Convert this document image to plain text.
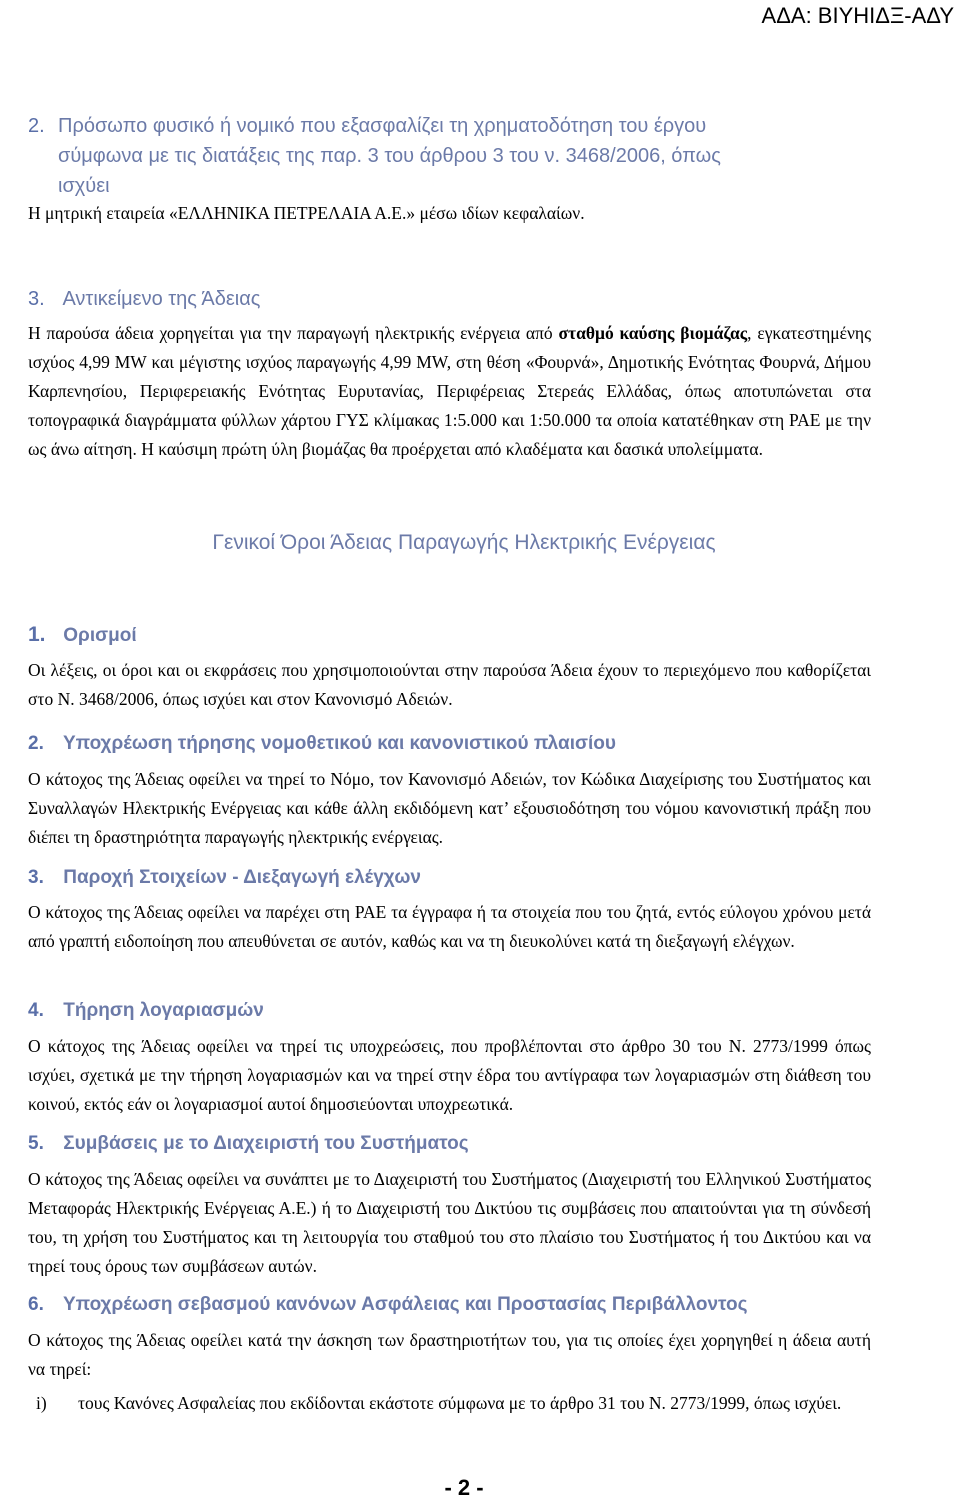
ΑΔΑ: ΒΙΥΗΙΔΞ-ΑΔΥ
2. Πρόσωπο φυσικό ή νομικό που εξασφαλίζει τη χρηματοδότηση του έργου
σύμφωνα με τις διατάξεις της παρ. 3 του άρθρου 3 του ν. 3468/2006, όπως
ισχύει
Η μητρική εταιρεία «ΕΛΛΗΝΙΚΑ ΠΕΤΡΕΛΑΙΑ Α.Ε.» μέσω ιδίων κεφαλαίων.
3. Αντικείμενο της Άδειας
Η παρούσα άδεια χορηγείται για την παραγωγή ηλεκτρικής ενέργεια από σταθμό καύσης βιομάζας, εγκατεστημένης ισχύος 4,99 MW και μέγιστης ισχύος παραγωγής 4,99 MW, στη θέση «Φουρνά», Δημοτικής Ενότητας Φουρνά, Δήμου Καρπενησίου, Περιφερειακής Ενότητας Ευρυτανίας, Περιφέρειας Στερεάς Ελλάδας, όπως αποτυπώνεται στα τοπογραφικά διαγράμματα φύλλων χάρτου ΓΥΣ κλίμακας 1:5.000 και 1:50.000 τα οποία κατατέθηκαν στη ΡΑΕ με την ως άνω αίτηση. Η καύσιμη πρώτη ύλη βιομάζας θα προέρχεται από κλαδέματα και δασικά υπολείμματα.
Γενικοί Όροι Άδειας Παραγωγής Ηλεκτρικής Ενέργειας
1. Ορισμοί
Οι λέξεις, οι όροι και οι εκφράσεις που χρησιμοποιούνται στην παρούσα Άδεια έχουν το περιεχόμενο που καθορίζεται στο Ν. 3468/2006, όπως ισχύει και στον Κανονισμό Αδειών.
2. Υποχρέωση τήρησης νομοθετικού και κανονιστικού πλαισίου
Ο κάτοχος της Άδειας οφείλει να τηρεί το Νόμο, τον Κανονισμό Αδειών, τον Κώδικα Διαχείρισης του Συστήματος και Συναλλαγών Ηλεκτρικής Ενέργειας και κάθε άλλη εκδιδόμενη κατ’ εξουσιοδότηση του νόμου κανονιστική πράξη που διέπει τη δραστηριότητα παραγωγής ηλεκτρικής ενέργειας.
3. Παροχή Στοιχείων - Διεξαγωγή ελέγχων
Ο κάτοχος της Άδειας οφείλει να παρέχει στη ΡΑΕ τα έγγραφα ή τα στοιχεία που του ζητά, εντός εύλογου χρόνου μετά από γραπτή ειδοποίηση που απευθύνεται σε αυτόν, καθώς και να τη διευκολύνει κατά τη διεξαγωγή ελέγχων.
4. Τήρηση λογαριασμών
Ο κάτοχος της Άδειας οφείλει να τηρεί τις υποχρεώσεις, που προβλέπονται στο άρθρο 30 του Ν. 2773/1999 όπως ισχύει, σχετικά με την τήρηση λογαριασμών και να τηρεί στην έδρα του αντίγραφα των λογαριασμών στη διάθεση του κοινού, εκτός εάν οι λογαριασμοί αυτοί δημοσιεύονται υποχρεωτικά.
5. Συμβάσεις με το Διαχειριστή του Συστήματος
Ο κάτοχος της Άδειας οφείλει να συνάπτει με το Διαχειριστή του Συστήματος (Διαχειριστή του Ελληνικού Συστήματος Μεταφοράς Ηλεκτρικής Ενέργειας Α.Ε.) ή το Διαχειριστή του Δικτύου τις συμβάσεις που απαιτούνται για τη σύνδεσή του, τη χρήση του Συστήματος και τη λειτουργία του σταθμού του στο πλαίσιο του Συστήματος ή του Δικτύου και να τηρεί τους όρους των συμβάσεων αυτών.
6. Υποχρέωση σεβασμού κανόνων Ασφάλειας και Προστασίας Περιβάλλοντος
Ο κάτοχος της Άδειας οφείλει κατά την άσκηση των δραστηριοτήτων του, για τις οποίες έχει χορηγηθεί η άδεια αυτή να τηρεί:
i) τους Κανόνες Ασφαλείας που εκδίδονται εκάστοτε σύμφωνα με το άρθρο 31 του Ν. 2773/1999, όπως ισχύει.
- 2 -
